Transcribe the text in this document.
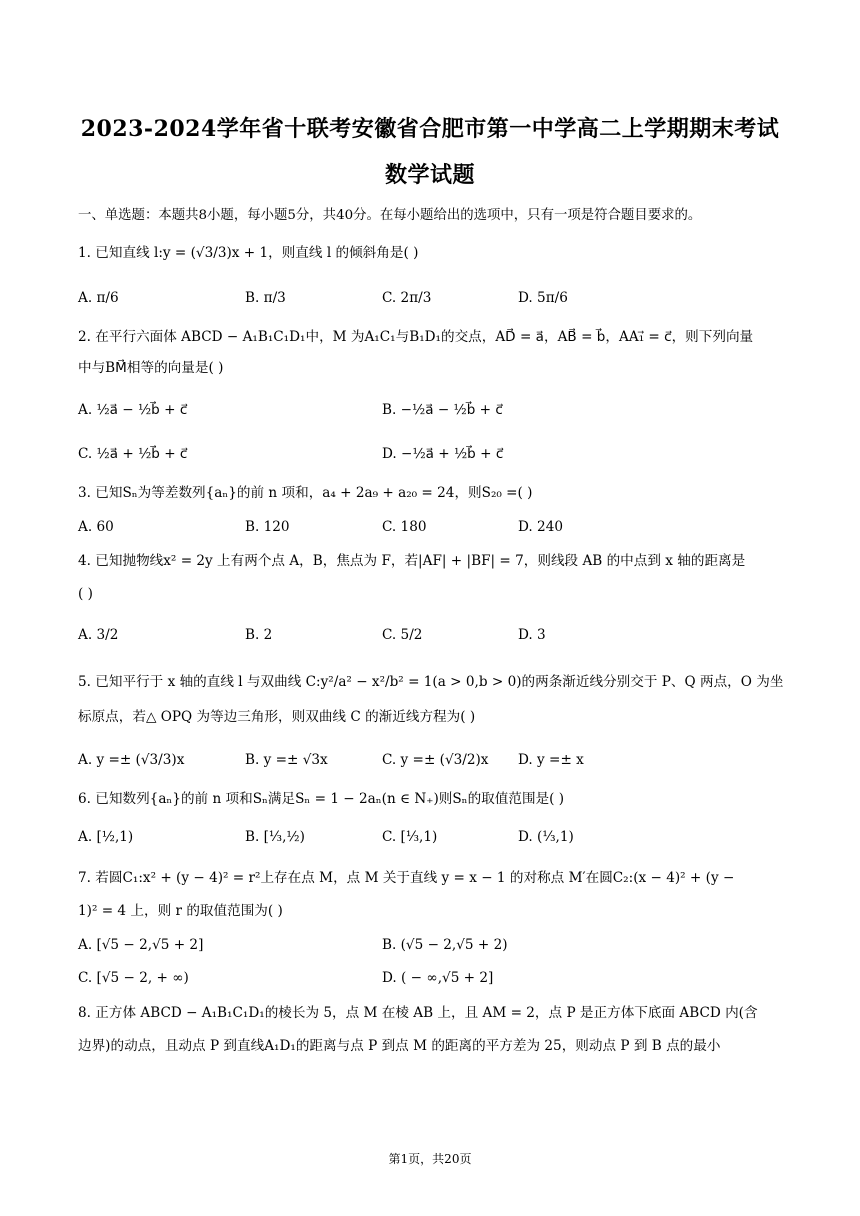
2023-2024学年省十联考安徽省合肥市第一中学高二上学期期末考试
数学试题
一、单选题：本题共8小题，每小题5分，共40分。在每小题给出的选项中，只有一项是符合题目要求的。
1. 已知直线 l:y = (√3/3)x + 1，则直线 l 的倾斜角是( )
A. π/6	B. π/3	C. 2π/3	D. 5π/6
2. 在平行六面体 ABCD − A₁B₁C₁D₁中，M 为A₁C₁与B₁D₁的交点，AD⃗ = a⃗，AB⃗ = b⃗，AA₁⃗ = c⃗，则下列向量
中与BM⃗相等的向量是( )
A. ½a⃗ − ½b⃗ + c⃗	B. −½a⃗ − ½b⃗ + c⃗
C. ½a⃗ + ½b⃗ + c⃗	D. −½a⃗ + ½b⃗ + c⃗
3. 已知Sₙ为等差数列{aₙ}的前 n 项和，a₄ + 2a₉ + a₂₀ = 24，则S₂₀ =( )
A. 60	B. 120	C. 180	D. 240
4. 已知抛物线x² = 2y 上有两个点 A，B，焦点为 F，若|AF| + |BF| = 7，则线段 AB 的中点到 x 轴的距离是
( )
A. 3/2	B. 2	C. 5/2	D. 3
5. 已知平行于 x 轴的直线 l 与双曲线 C:y²/a² − x²/b² = 1(a > 0,b > 0)的两条渐近线分别交于 P、Q 两点，O 为坐
标原点，若△ OPQ 为等边三角形，则双曲线 C 的渐近线方程为( )
A. y =± (√3/3)x	B. y =± √3x	C. y =± (√3/2)x D. y =± x
6. 已知数列{aₙ}的前 n 项和Sₙ满足Sₙ = 1 − 2aₙ(n ∈ N₊)则Sₙ的取值范围是( )
A. [½,1)	B. [⅓,½)	C. [⅓,1)	D. (⅓,1)
7. 若圆C₁:x² + (y − 4)² = r²上存在点 M，点 M 关于直线 y = x − 1 的对称点 M′在圆C₂:(x − 4)² + (y −
1)² = 4 上，则 r 的取值范围为( )
A. [√5 − 2,√5 + 2]	B. (√5 − 2,√5 + 2)
C. [√5 − 2, + ∞)	D. ( − ∞,√5 + 2]
8. 正方体 ABCD − A₁B₁C₁D₁的棱长为 5，点 M 在棱 AB 上，且 AM = 2，点 P 是正方体下底面 ABCD 内(含
边界)的动点，且动点 P 到直线A₁D₁的距离与点 P 到点 M 的距离的平方差为 25，则动点 P 到 B 点的最小
第1页，共20页
